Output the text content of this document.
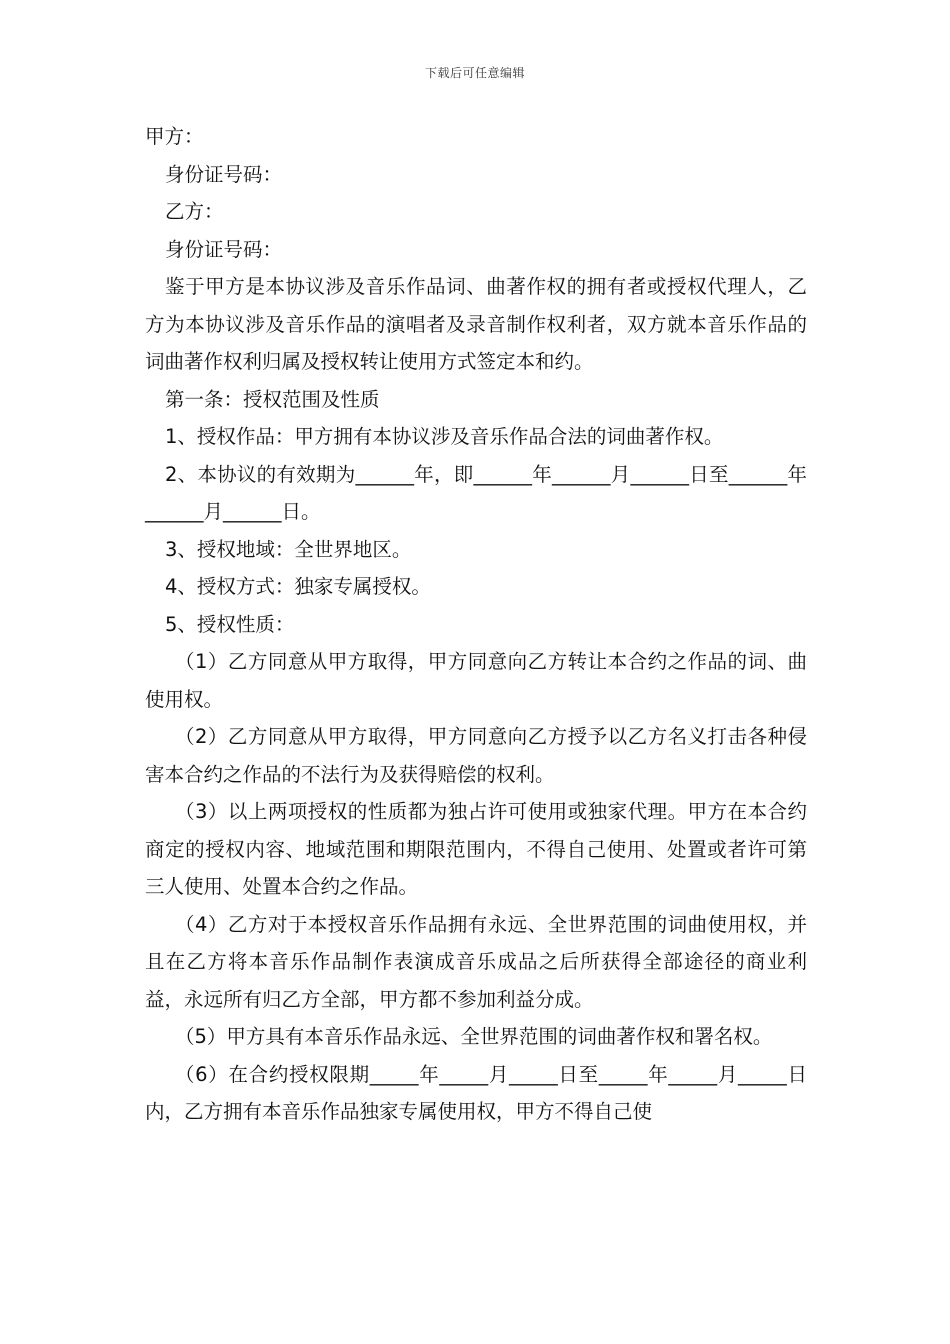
下载后可任意编辑

甲方：

身份证号码：

乙方：

身份证号码：

鉴于甲方是本协议涉及音乐作品词、曲著作权的拥有者或授权代理人，乙方为本协议涉及音乐作品的演唱者及录音制作权利者，双方就本音乐作品的词曲著作权利归属及授权转让使用方式签定本和约。

第一条：授权范围及性质

1、授权作品：甲方拥有本协议涉及音乐作品合法的词曲著作权。

2、本协议的有效期为______年，即______年______月______日至______年______月______日。

3、授权地域：全世界地区。

4、授权方式：独家专属授权。

5、授权性质：

（1）乙方同意从甲方取得，甲方同意向乙方转让本合约之作品的词、曲使用权。

（2）乙方同意从甲方取得，甲方同意向乙方授予以乙方名义打击各种侵害本合约之作品的不法行为及获得赔偿的权利。

（3）以上两项授权的性质都为独占许可使用或独家代理。甲方在本合约商定的授权内容、地域范围和期限范围内，不得自己使用、处置或者许可第三人使用、处置本合约之作品。

（4）乙方对于本授权音乐作品拥有永远、全世界范围的词曲使用权，并且在乙方将本音乐作品制作表演成音乐成品之后所获得全部途径的商业利益，永远所有归乙方全部，甲方都不参加利益分成。

（5）甲方具有本音乐作品永远、全世界范围的词曲著作权和署名权。

（6）在合约授权限期_____年_____月_____日至_____年_____月_____日内，乙方拥有本音乐作品独家专属使用权，甲方不得自己使
